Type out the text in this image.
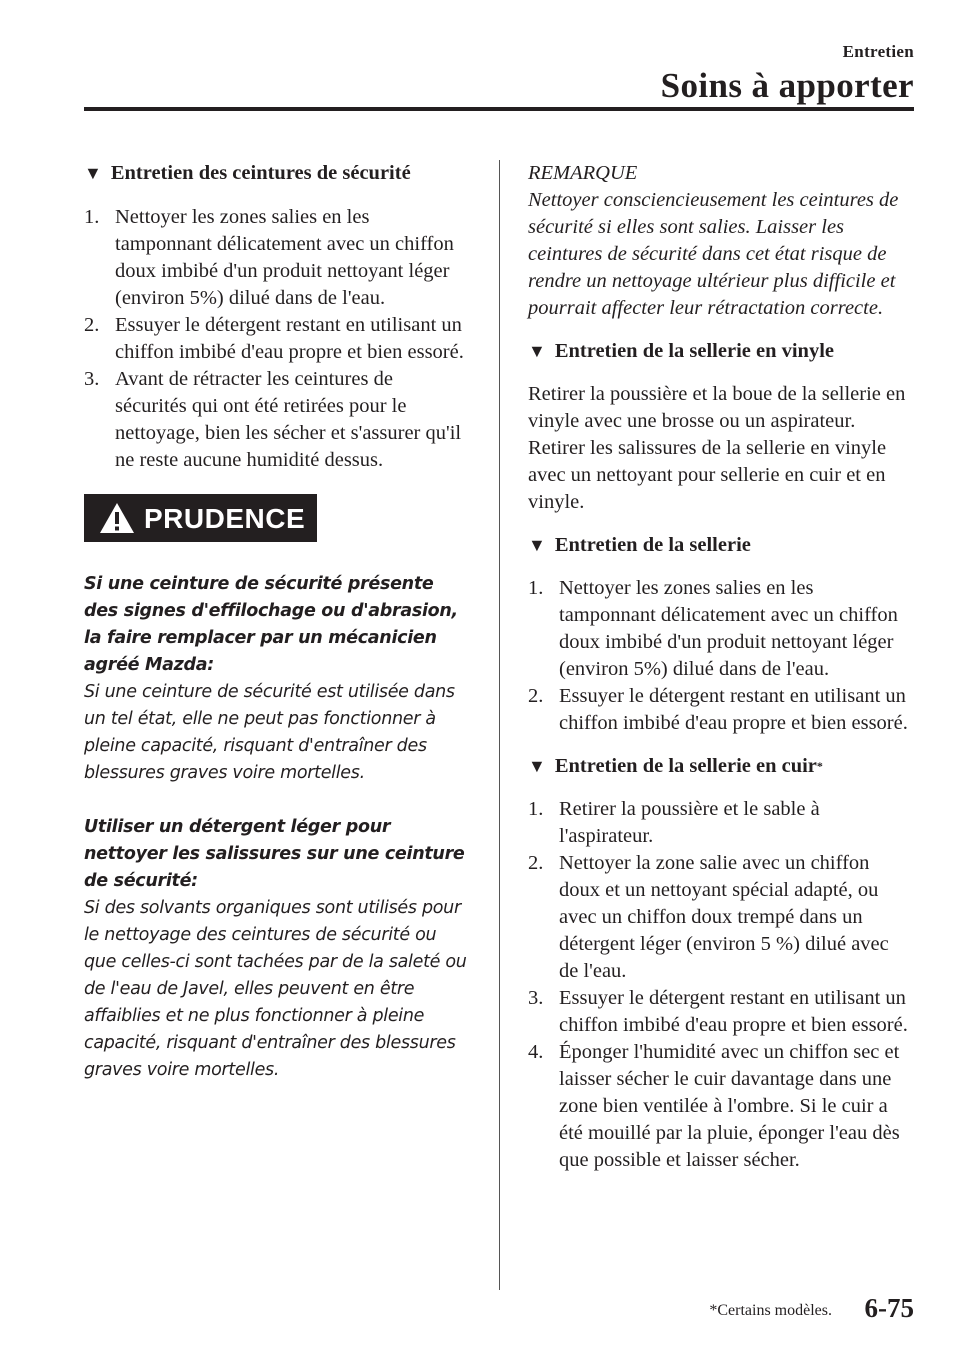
Entretien
Soins à apporter
▼ Entretien des ceintures de sécurité
1. Nettoyer les zones salies en les tamponnant délicatement avec un chiffon doux imbibé d'un produit nettoyant léger (environ 5%) dilué dans de l'eau.
2. Essuyer le détergent restant en utilisant un chiffon imbibé d'eau propre et bien essoré.
3. Avant de rétracter les ceintures de sécurités qui ont été retirées pour le nettoyage, bien les sécher et s'assurer qu'il ne reste aucune humidité dessus.
PRUDENCE
Si une ceinture de sécurité présente des signes d'effilochage ou d'abrasion, la faire remplacer par un mécanicien agréé Mazda:
Si une ceinture de sécurité est utilisée dans un tel état, elle ne peut pas fonctionner à pleine capacité, risquant d'entraîner des blessures graves voire mortelles.
Utiliser un détergent léger pour nettoyer les salissures sur une ceinture de sécurité:
Si des solvants organiques sont utilisés pour le nettoyage des ceintures de sécurité ou que celles-ci sont tachées par de la saleté ou de l'eau de Javel, elles peuvent en être affaiblies et ne plus fonctionner à pleine capacité, risquant d'entraîner des blessures graves voire mortelles.
REMARQUE
Nettoyer consciencieusement les ceintures de sécurité si elles sont salies. Laisser les ceintures de sécurité dans cet état risque de rendre un nettoyage ultérieur plus difficile et pourrait affecter leur rétractation correcte.
▼ Entretien de la sellerie en vinyle
Retirer la poussière et la boue de la sellerie en vinyle avec une brosse ou un aspirateur. Retirer les salissures de la sellerie en vinyle avec un nettoyant pour sellerie en cuir et en vinyle.
▼ Entretien de la sellerie
1. Nettoyer les zones salies en les tamponnant délicatement avec un chiffon doux imbibé d'un produit nettoyant léger (environ 5%) dilué dans de l'eau.
2. Essuyer le détergent restant en utilisant un chiffon imbibé d'eau propre et bien essoré.
▼ Entretien de la sellerie en cuir*
1. Retirer la poussière et le sable à l'aspirateur.
2. Nettoyer la zone salie avec un chiffon doux et un nettoyant spécial adapté, ou avec un chiffon doux trempé dans un détergent léger (environ 5 %) dilué avec de l'eau.
3. Essuyer le détergent restant en utilisant un chiffon imbibé d'eau propre et bien essoré.
4. Éponger l'humidité avec un chiffon sec et laisser sécher le cuir davantage dans une zone bien ventilée à l'ombre. Si le cuir a été mouillé par la pluie, éponger l'eau dès que possible et laisser sécher.
*Certains modèles. 6-75
